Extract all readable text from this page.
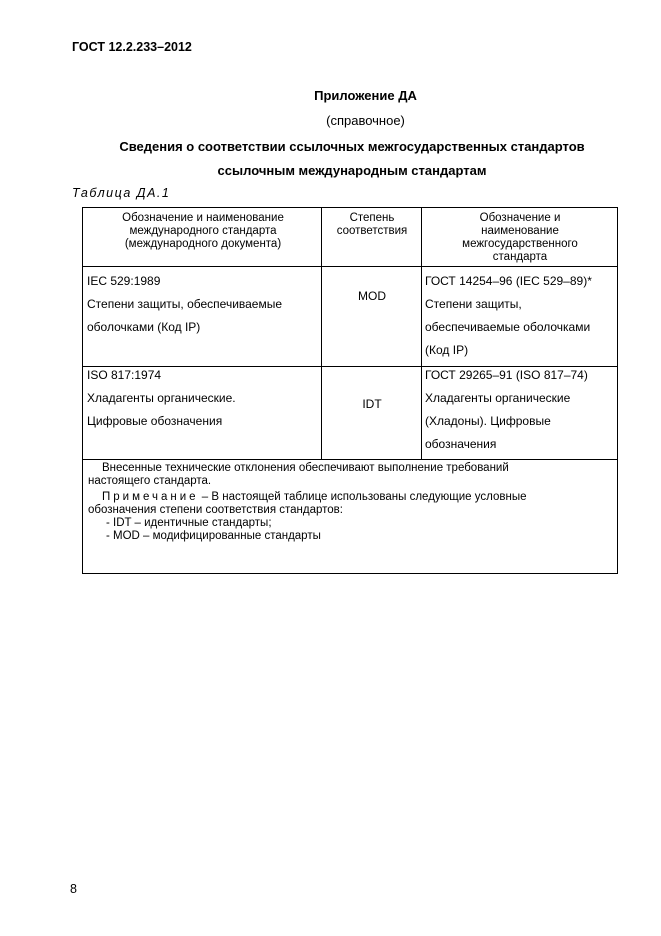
ГОСТ 12.2.233–2012
Приложение ДА
(справочное)
Сведения о соответствии ссылочных межгосударственных стандартов
ссылочным международным стандартам
Таблица ДА.1
Обозначение и наименование
международного стандарта
(международного документа)
Степень
соответствия
Обозначение и
наименование
межгосударственного
стандарта
IEC 529:1989
Степени защиты, обеспечиваемые
оболочками (Код IP)
MOD
ГОСТ 14254–96 (IEC 529–89)*
Степени защиты,
обеспечиваемые оболочками
(Код IP)
ISO 817:1974
Хладагенты органические.
Цифровые обозначения
IDT
ГОСТ 29265–91 (ISO 817–74)
Хладагенты органические
(Хладоны). Цифровые
обозначения
Внесенные технические отклонения обеспечивают выполнение требований
настоящего стандарта.
Примечание – В настоящей таблице использованы следующие условные
обозначения степени соответствия стандартов:
- IDT – идентичные стандарты;
- MOD – модифицированные стандарты
8
